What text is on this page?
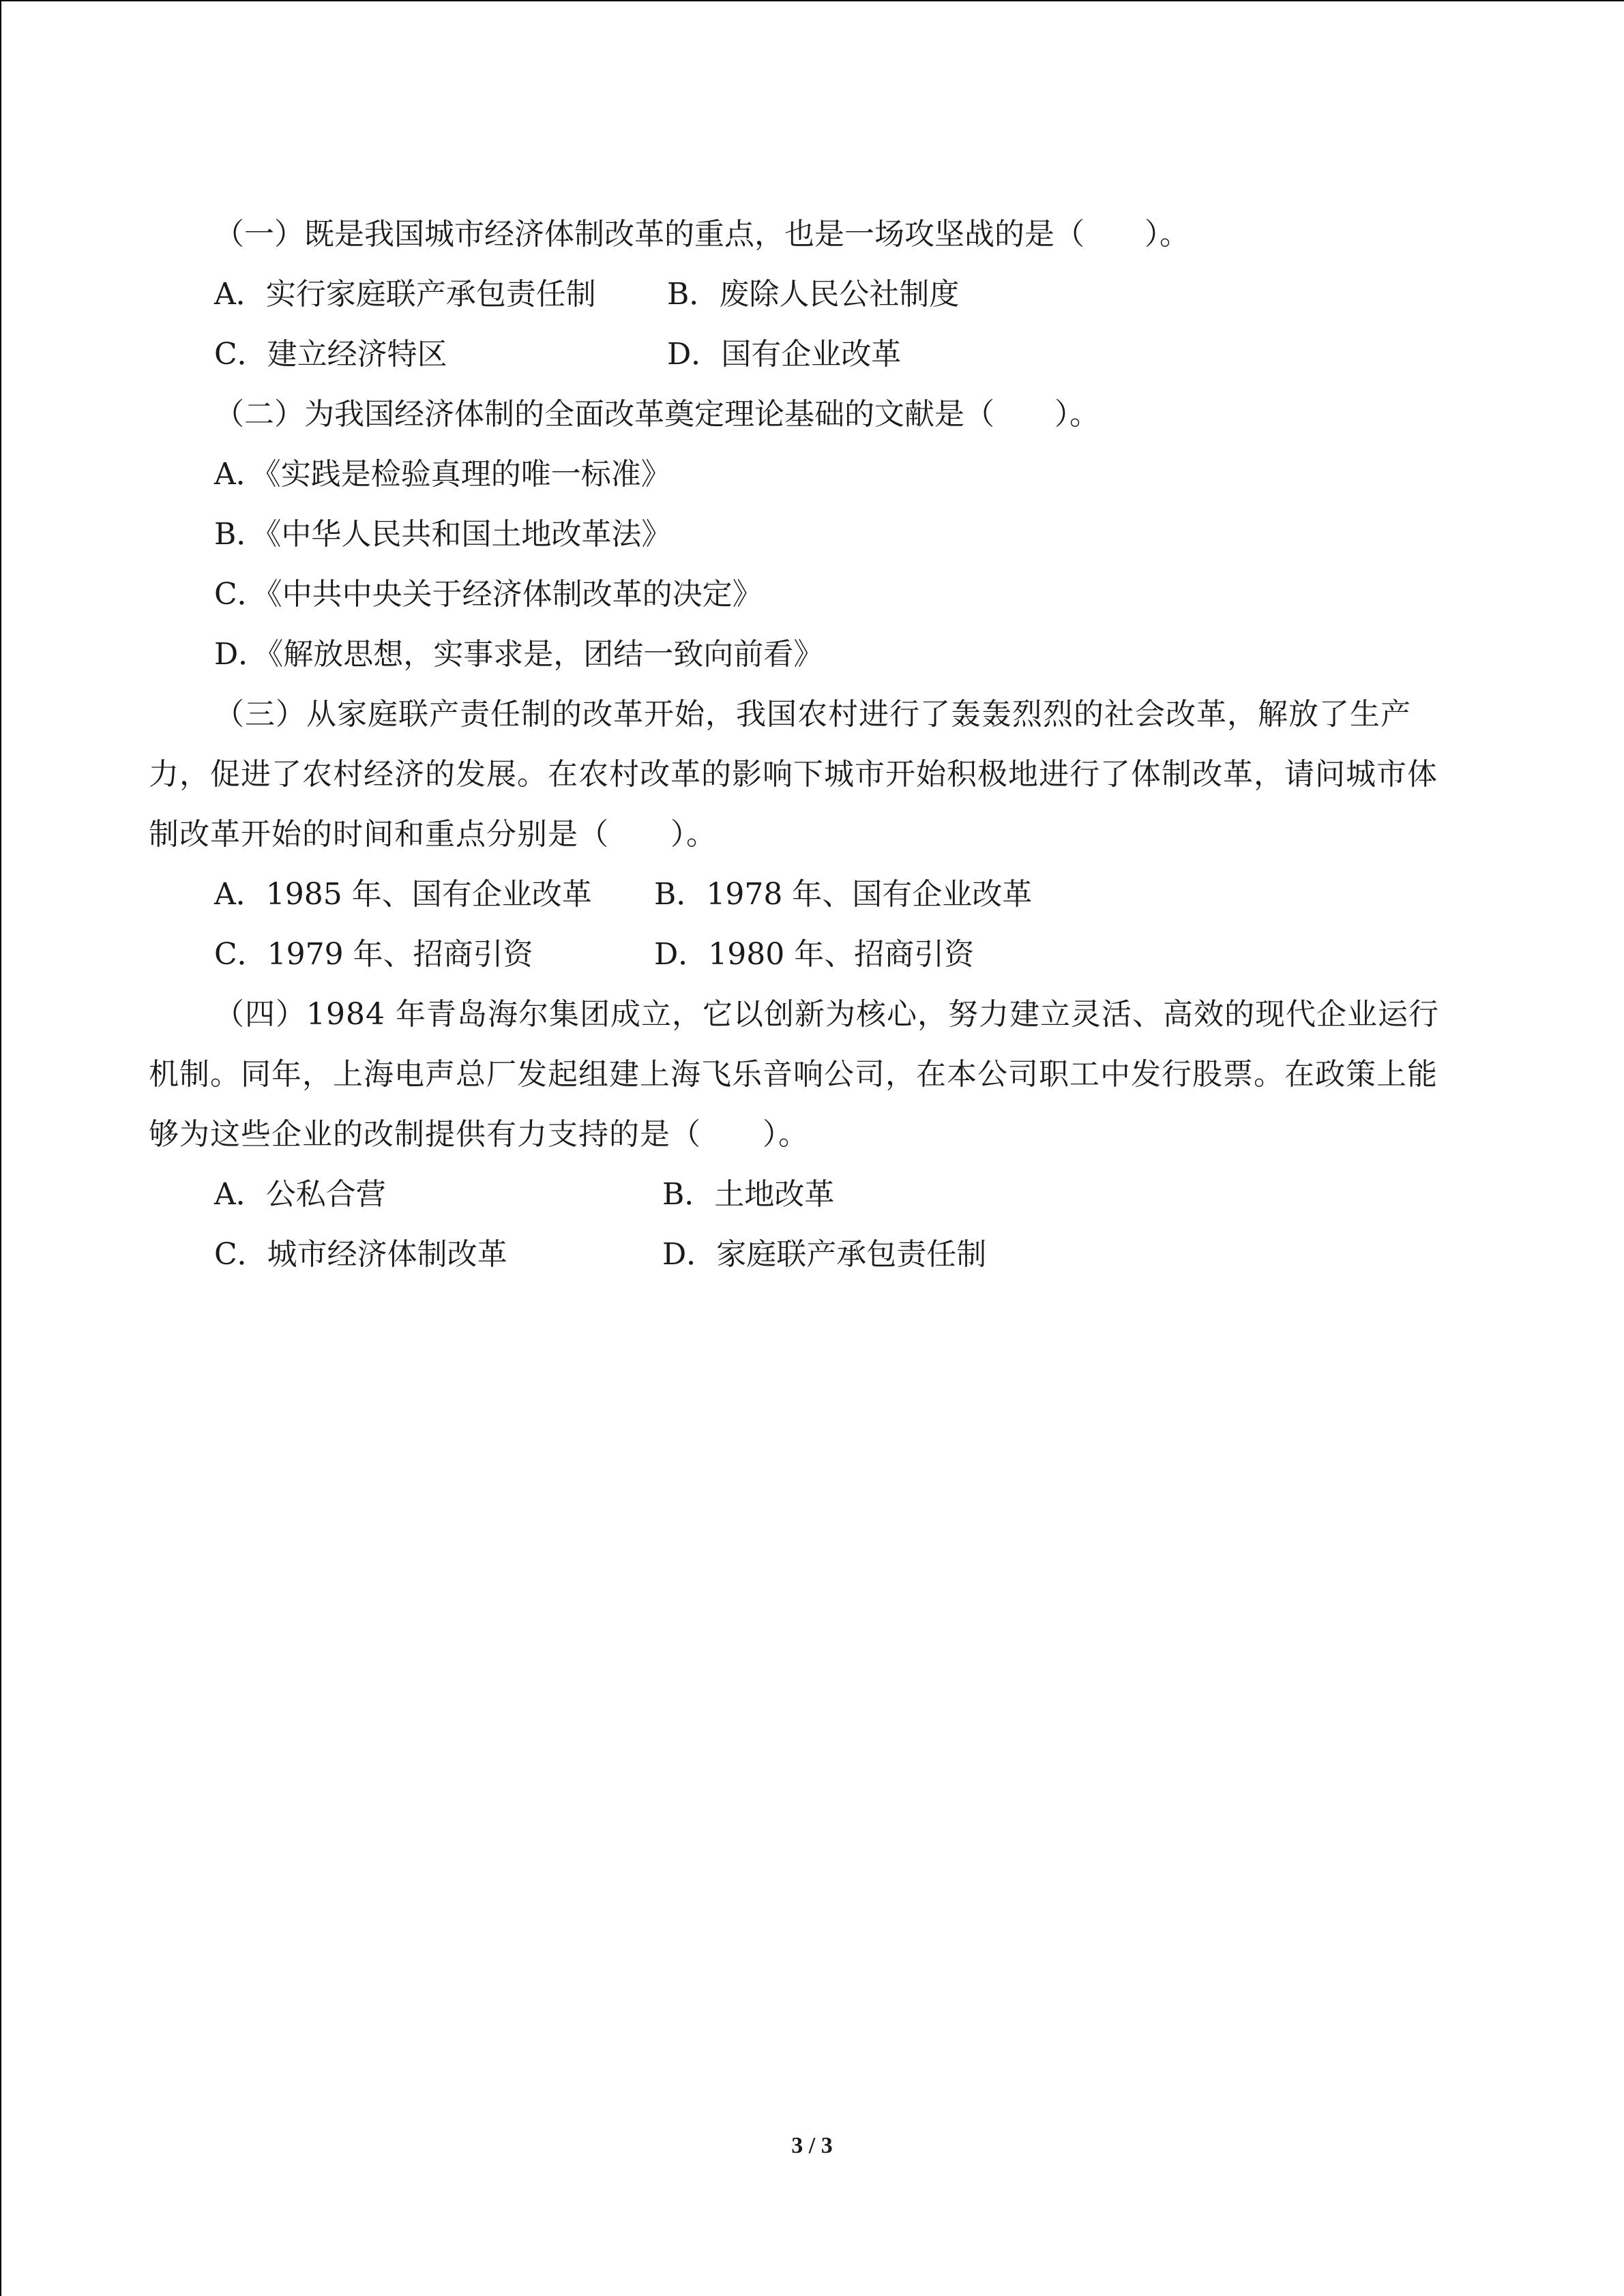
（一）既是我国城市经济体制改革的重点，也是一场攻坚战的是（　　）。
A．实行家庭联产承包责任制	B．废除人民公社制度
C．建立经济特区	D．国有企业改革
（二）为我国经济体制的全面改革奠定理论基础的文献是（　　）。
A．《实践是检验真理的唯一标准》
B．《中华人民共和国土地改革法》
C．《中共中央关于经济体制改革的决定》
D．《解放思想，实事求是，团结一致向前看》
（三）从家庭联产责任制的改革开始，我国农村进行了轰轰烈烈的社会改革，解放了生产力，促进了农村经济的发展。在农村改革的影响下城市开始积极地进行了体制改革，请问城市体制改革开始的时间和重点分别是（　　）。
A．1985 年、国有企业改革	B．1978 年、国有企业改革
C．1979 年、招商引资	D．1980 年、招商引资
（四）1984 年青岛海尔集团成立，它以创新为核心，努力建立灵活、高效的现代企业运行机制。同年，上海电声总厂发起组建上海飞乐音响公司，在本公司职工中发行股票。在政策上能够为这些企业的改制提供有力支持的是（　　）。
A．公私合营	B．土地改革
C．城市经济体制改革	D．家庭联产承包责任制
3 / 3
